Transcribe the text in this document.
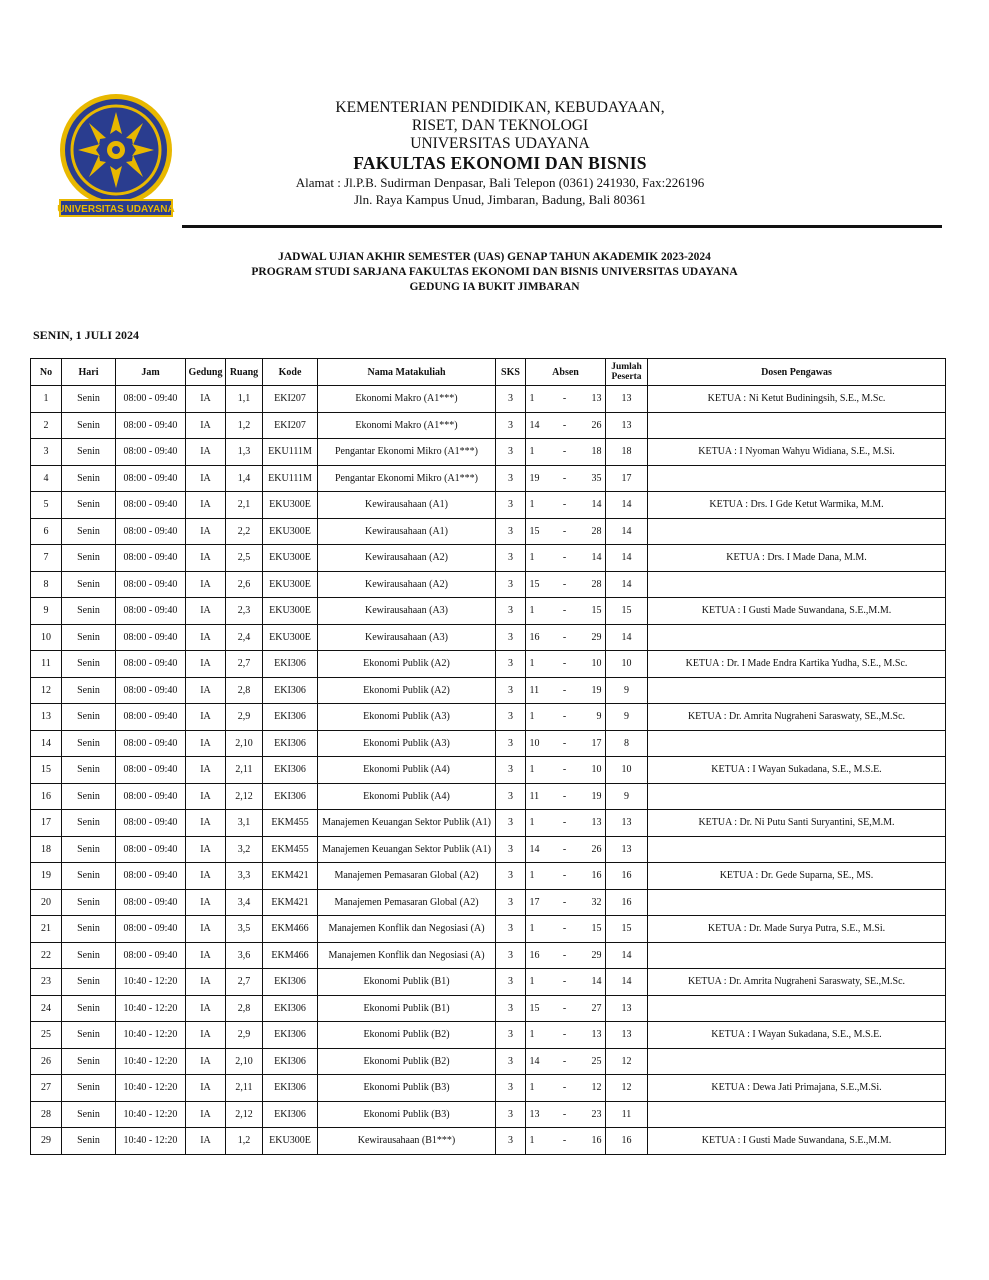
UNIVERSITAS UDAYANA
KEMENTERIAN PENDIDIKAN, KEBUDAYAAN,
RISET, DAN TEKNOLOGI
UNIVERSITAS UDAYANA
FAKULTAS EKONOMI DAN BISNIS
Alamat : Jl.P.B. Sudirman Denpasar, Bali Telepon (0361) 241930, Fax:226196
Jln. Raya Kampus Unud, Jimbaran, Badung, Bali 80361
JADWAL UJIAN AKHIR SEMESTER (UAS) GENAP TAHUN AKADEMIK 2023-2024
PROGRAM STUDI SARJANA FAKULTAS EKONOMI DAN BISNIS UNIVERSITAS UDAYANA
GEDUNG IA BUKIT JIMBARAN
SENIN, 1 JULI 2024
No	Hari	Jam	Gedung	Ruang	Kode	Nama Matakuliah	SKS	Absen	Jumlah
Peserta	Dosen Pengawas
1	Senin	08:00 - 09:40	IA	1,1	EKI207	Ekonomi Makro (A1***)	3	1 - 13	13	KETUA : Ni Ketut Budiningsih, S.E., M.Sc.
2	Senin	08:00 - 09:40	IA	1,2	EKI207	Ekonomi Makro (A1***)	3	14 - 26	13	
3	Senin	08:00 - 09:40	IA	1,3	EKU111M	Pengantar Ekonomi Mikro (A1***)	3	1 - 18	18	KETUA : I Nyoman Wahyu Widiana, S.E., M.Si.
4	Senin	08:00 - 09:40	IA	1,4	EKU111M	Pengantar Ekonomi Mikro (A1***)	3	19 - 35	17	
5	Senin	08:00 - 09:40	IA	2,1	EKU300E	Kewirausahaan (A1)	3	1 - 14	14	KETUA : Drs. I Gde Ketut Warmika, M.M.
6	Senin	08:00 - 09:40	IA	2,2	EKU300E	Kewirausahaan (A1)	3	15 - 28	14	
7	Senin	08:00 - 09:40	IA	2,5	EKU300E	Kewirausahaan (A2)	3	1 - 14	14	KETUA : Drs. I Made Dana, M.M.
8	Senin	08:00 - 09:40	IA	2,6	EKU300E	Kewirausahaan (A2)	3	15 - 28	14	
9	Senin	08:00 - 09:40	IA	2,3	EKU300E	Kewirausahaan (A3)	3	1 - 15	15	KETUA : I Gusti Made Suwandana, S.E.,M.M.
10	Senin	08:00 - 09:40	IA	2,4	EKU300E	Kewirausahaan (A3)	3	16 - 29	14	
11	Senin	08:00 - 09:40	IA	2,7	EKI306	Ekonomi Publik (A2)	3	1 - 10	10	KETUA : Dr. I Made Endra Kartika Yudha, S.E., M.Sc.
12	Senin	08:00 - 09:40	IA	2,8	EKI306	Ekonomi Publik (A2)	3	11 - 19	9	
13	Senin	08:00 - 09:40	IA	2,9	EKI306	Ekonomi Publik (A3)	3	1 - 9	9	KETUA : Dr. Amrita Nugraheni Saraswaty, SE.,M.Sc.
14	Senin	08:00 - 09:40	IA	2,10	EKI306	Ekonomi Publik (A3)	3	10 - 17	8	
15	Senin	08:00 - 09:40	IA	2,11	EKI306	Ekonomi Publik (A4)	3	1 - 10	10	KETUA : I Wayan Sukadana, S.E., M.S.E.
16	Senin	08:00 - 09:40	IA	2,12	EKI306	Ekonomi Publik (A4)	3	11 - 19	9	
17	Senin	08:00 - 09:40	IA	3,1	EKM455	Manajemen Keuangan Sektor Publik (A1)	3	1 - 13	13	KETUA : Dr. Ni Putu Santi Suryantini, SE,M.M.
18	Senin	08:00 - 09:40	IA	3,2	EKM455	Manajemen Keuangan Sektor Publik (A1)	3	14 - 26	13	
19	Senin	08:00 - 09:40	IA	3,3	EKM421	Manajemen Pemasaran Global (A2)	3	1 - 16	16	KETUA : Dr. Gede Suparna, SE., MS.
20	Senin	08:00 - 09:40	IA	3,4	EKM421	Manajemen Pemasaran Global (A2)	3	17 - 32	16	
21	Senin	08:00 - 09:40	IA	3,5	EKM466	Manajemen Konflik dan Negosiasi (A)	3	1 - 15	15	KETUA : Dr. Made Surya Putra, S.E., M.Si.
22	Senin	08:00 - 09:40	IA	3,6	EKM466	Manajemen Konflik dan Negosiasi (A)	3	16 - 29	14	
23	Senin	10:40 - 12:20	IA	2,7	EKI306	Ekonomi Publik (B1)	3	1 - 14	14	KETUA : Dr. Amrita Nugraheni Saraswaty, SE.,M.Sc.
24	Senin	10:40 - 12:20	IA	2,8	EKI306	Ekonomi Publik (B1)	3	15 - 27	13	
25	Senin	10:40 - 12:20	IA	2,9	EKI306	Ekonomi Publik (B2)	3	1 - 13	13	KETUA : I Wayan Sukadana, S.E., M.S.E.
26	Senin	10:40 - 12:20	IA	2,10	EKI306	Ekonomi Publik (B2)	3	14 - 25	12	
27	Senin	10:40 - 12:20	IA	2,11	EKI306	Ekonomi Publik (B3)	3	1 - 12	12	KETUA : Dewa Jati Primajana, S.E.,M.Si.
28	Senin	10:40 - 12:20	IA	2,12	EKI306	Ekonomi Publik (B3)	3	13 - 23	11	
29	Senin	10:40 - 12:20	IA	1,2	EKU300E	Kewirausahaan (B1***)	3	1 - 16	16	KETUA : I Gusti Made Suwandana, S.E.,M.M.
